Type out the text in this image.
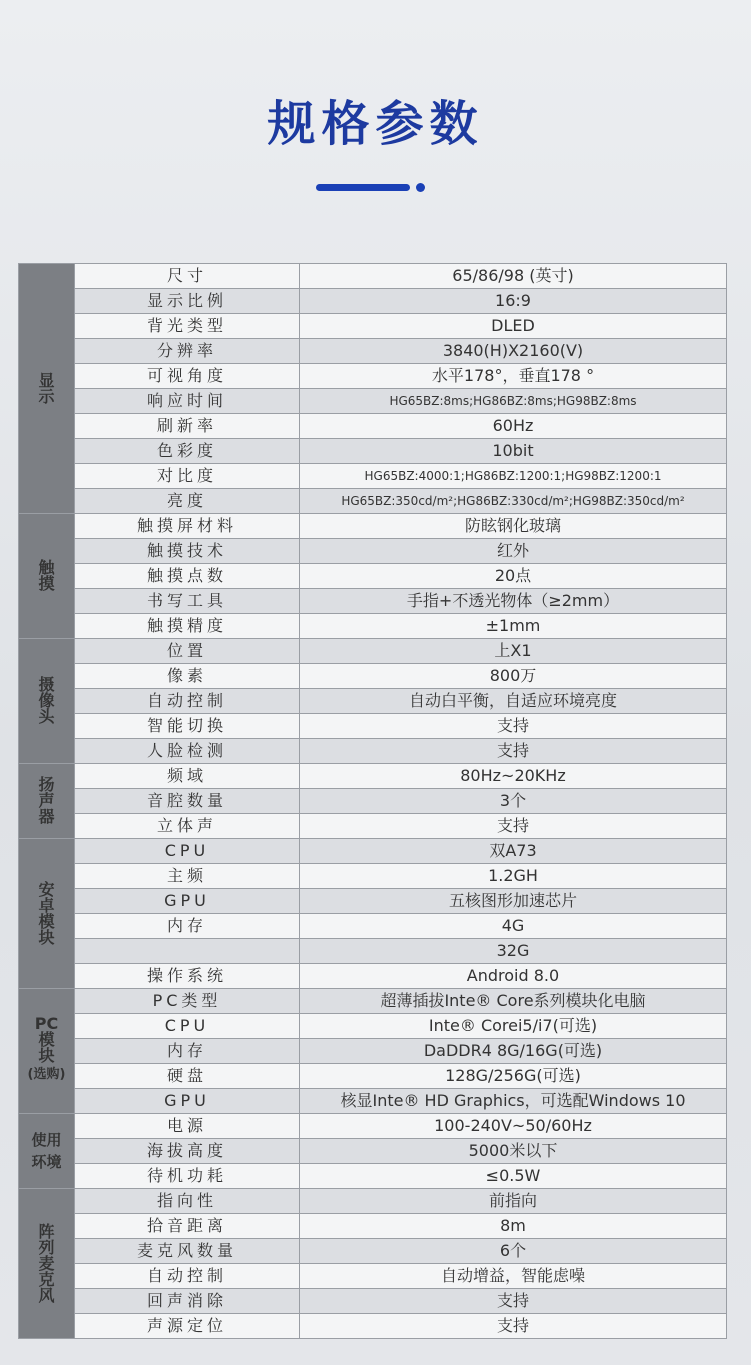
规格参数
显
示	尺寸	65/86/98 (英寸)
	显示比例	16:9
	背光类型	DLED
	分辨率	3840(H)X2160(V)
	可视角度	水平178°，垂直178 °
	响应时间	HG65BZ:8ms;HG86BZ:8ms;HG98BZ:8ms
	刷新率	60Hz
	色彩度	10bit
	对比度	HG65BZ:4000:1;HG86BZ:1200:1;HG98BZ:1200:1
	亮度	HG65BZ:350cd/m²;HG86BZ:330cd/m²;HG98BZ:350cd/m²

触
摸	触摸屏材料	防眩钢化玻璃
	触摸技术	红外
	触摸点数	20点
	书写工具	手指+不透光物体（≥2mm）
	触摸精度	±1mm

摄
像
头	位置	上X1
	像素	800万
	自动控制	自动白平衡，自适应环境亮度
	智能切换	支持
	人脸检测	支持

扬
声
器	频域	80Hz~20KHz
	音腔数量	3个
	立体声	支持

安
卓
模
块	CPU	双A73
	主频	1.2GH
	GPU	五核图形加速芯片
	内存	4G
		32G
	操作系统	Android 8.0

PC
模
块
(选购)	PC类型	超薄插拔Inte® Core系列模块化电脑
	CPU	Inte® Corei5/i7(可选)
	内存	DaDDR4 8G/16G(可选)
	硬盘	128G/256G(可选)
	GPU	核显Inte® HD Graphics，可选配Windows 10

使用
环境	电源	100-240V~50/60Hz
	海拔高度	5000米以下
	待机功耗	≤0.5W

阵
列
麦
克
风	指向性	前指向
	拾音距离	8m
	麦克风数量	6个
	自动控制	自动增益，智能虑噪
	回声消除	支持
	声源定位	支持
